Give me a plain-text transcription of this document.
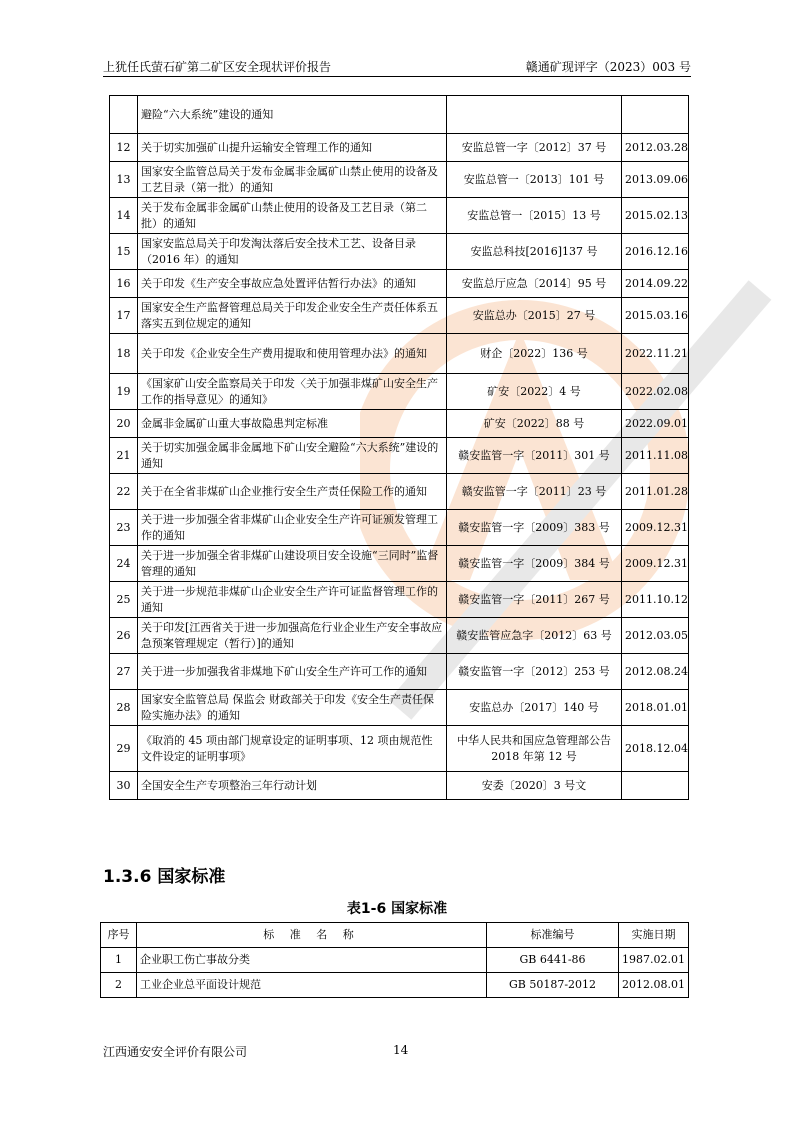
上犹任氏萤石矿第二矿区安全现状评价报告	赣通矿现评字（2023）003 号
	避险“六大系统”建设的通知		
12	关于切实加强矿山提升运输安全管理工作的通知	安监总管一字〔2012〕37 号	2012.03.28
13	国家安全监管总局关于发布金属非金属矿山禁止使用的设备及工艺目录（第一批）的通知	安监总管一〔2013〕101 号	2013.09.06
14	关于发布金属非金属矿山禁止使用的设备及工艺目录（第二批）的通知	安监总管一〔2015〕13 号	2015.02.13
15	国家安监总局关于印发淘汰落后安全技术工艺、设备目录（2016 年）的通知	安监总科技[2016]137 号	2016.12.16
16	关于印发《生产安全事故应急处置评估暂行办法》的通知	安监总厅应急〔2014〕95 号	2014.09.22
17	国家安全生产监督管理总局关于印发企业安全生产责任体系五落实五到位规定的通知	安监总办〔2015〕27 号	2015.03.16
18	关于印发《企业安全生产费用提取和使用管理办法》的通知	财企〔2022〕136 号	2022.11.21
19	《国家矿山安全监察局关于印发〈关于加强非煤矿山安全生产工作的指导意见〉的通知》	矿安〔2022〕4 号	2022.02.08
20	金属非金属矿山重大事故隐患判定标准	矿安〔2022〕88 号	2022.09.01
21	关于切实加强金属非金属地下矿山安全避险“六大系统”建设的通知	赣安监管一字〔2011〕301 号	2011.11.08
22	关于在全省非煤矿山企业推行安全生产责任保险工作的通知	赣安监管一字〔2011〕23 号	2011.01.28
23	关于进一步加强全省非煤矿山企业安全生产许可证颁发管理工作的通知	赣安监管一字〔2009〕383 号	2009.12.31
24	关于进一步加强全省非煤矿山建设项目安全设施“三同时”监督管理的通知	赣安监管一字〔2009〕384 号	2009.12.31
25	关于进一步规范非煤矿山企业安全生产许可证监督管理工作的通知	赣安监管一字〔2011〕267 号	2011.10.12
26	关于印发[江西省关于进一步加强高危行业企业生产安全事故应急预案管理规定（暂行）]的通知	赣安监管应急字〔2012〕63 号	2012.03.05
27	关于进一步加强我省非煤地下矿山安全生产许可工作的通知	赣安监管一字〔2012〕253 号	2012.08.24
28	国家安全监管总局 保监会 财政部关于印发《安全生产责任保险实施办法》的通知	安监总办〔2017〕140 号	2018.01.01
29	《取消的 45 项由部门规章设定的证明事项、12 项由规范性文件设定的证明事项》	中华人民共和国应急管理部公告 2018 年第 12 号	2018.12.04
30	全国安全生产专项整治三年行动计划	安委〔2020〕3 号文	
1.3.6 国家标准
表1-6 国家标准
序号	标 准 名 称	标准编号	实施日期
1	企业职工伤亡事故分类	GB 6441-86	1987.02.01
2	工业企业总平面设计规范	GB 50187-2012	2012.08.01
江西通安安全评价有限公司	14
